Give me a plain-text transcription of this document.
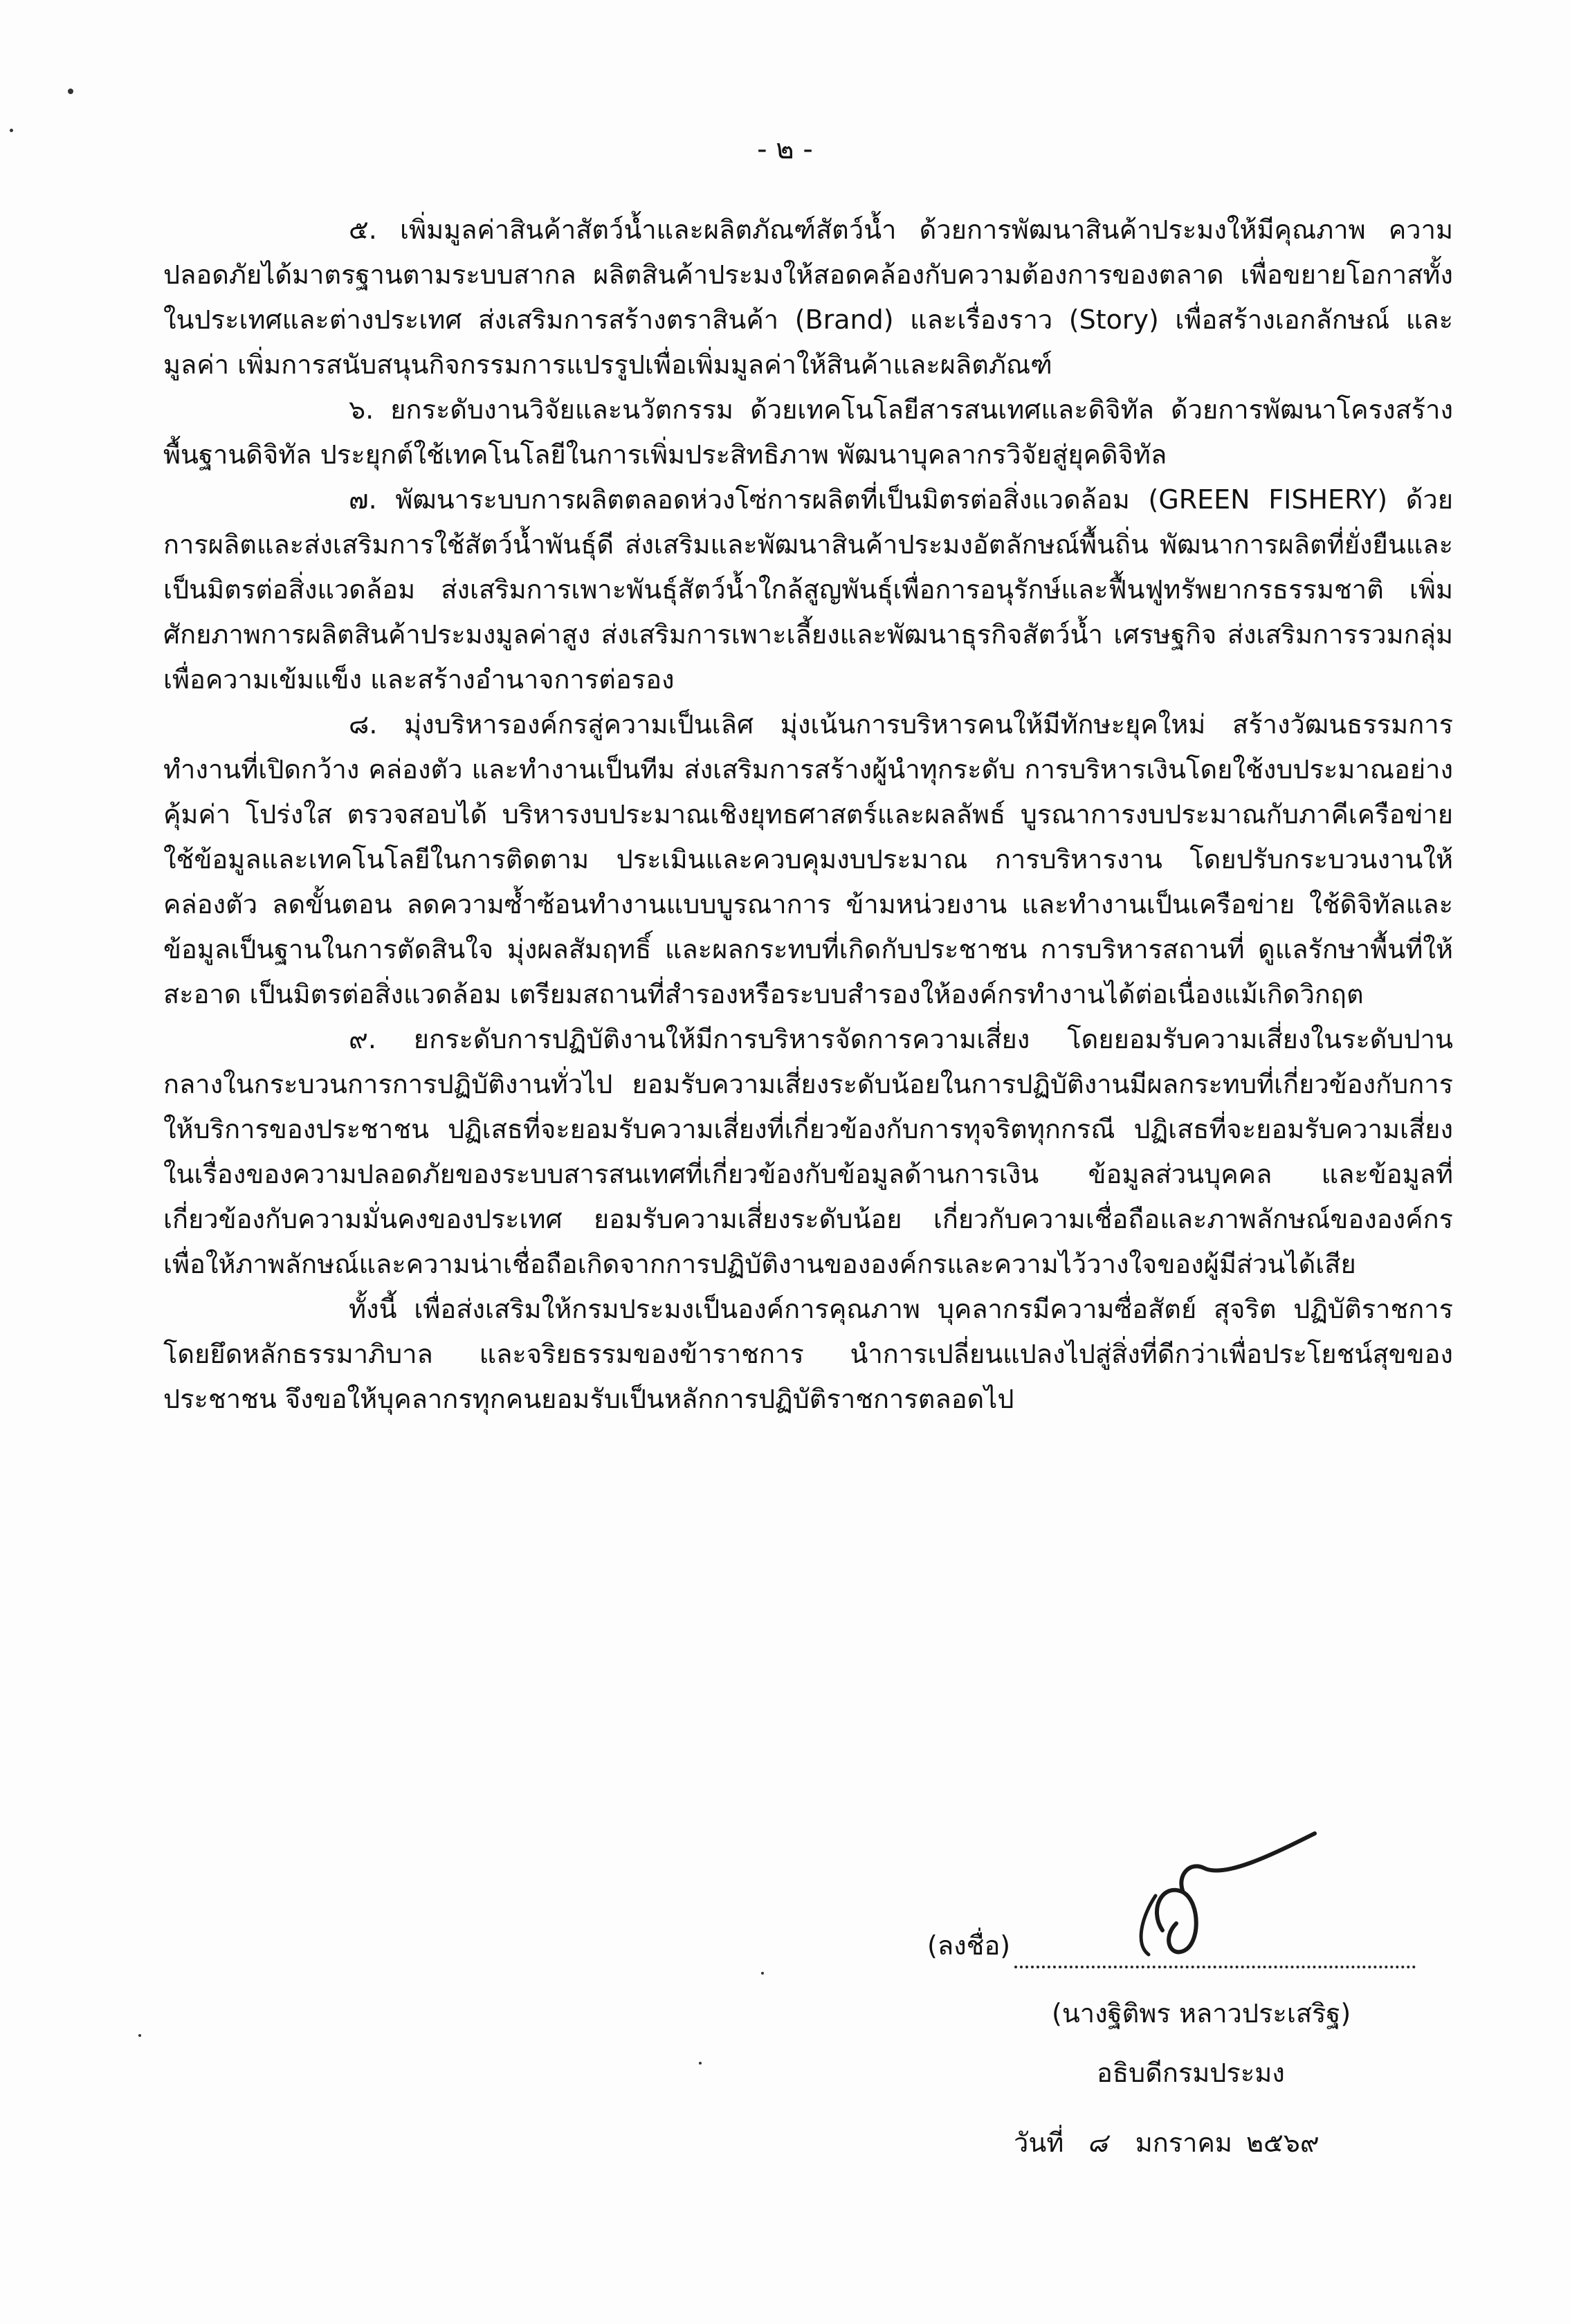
- ๒ -

๕. เพิ่มมูลค่าสินค้าสัตว์น้ำและผลิตภัณฑ์สัตว์น้ำ ด้วยการพัฒนาสินค้าประมงให้มีคุณภาพ ความปลอดภัยได้มาตรฐานตามระบบสากล ผลิตสินค้าประมงให้สอดคล้องกับความต้องการของตลาด เพื่อขยายโอกาสทั้งในประเทศและต่างประเทศ ส่งเสริมการสร้างตราสินค้า (Brand) และเรื่องราว (Story) เพื่อสร้างเอกลักษณ์ และมูลค่า เพิ่มการสนับสนุนกิจกรรมการแปรรูปเพื่อเพิ่มมูลค่าให้สินค้าและผลิตภัณฑ์

๖. ยกระดับงานวิจัยและนวัตกรรม ด้วยเทคโนโลยีสารสนเทศและดิจิทัล ด้วยการพัฒนาโครงสร้างพื้นฐานดิจิทัล ประยุกต์ใช้เทคโนโลยีในการเพิ่มประสิทธิภาพ พัฒนาบุคลากรวิจัยสู่ยุคดิจิทัล

๗. พัฒนาระบบการผลิตตลอดห่วงโซ่การผลิตที่เป็นมิตรต่อสิ่งแวดล้อม (GREEN FISHERY) ด้วยการผลิตและส่งเสริมการใช้สัตว์น้ำพันธุ์ดี ส่งเสริมและพัฒนาสินค้าประมงอัตลักษณ์พื้นถิ่น พัฒนาการผลิตที่ยั่งยืนและเป็นมิตรต่อสิ่งแวดล้อม ส่งเสริมการเพาะพันธุ์สัตว์น้ำใกล้สูญพันธุ์เพื่อการอนุรักษ์และฟื้นฟูทรัพยากรธรรมชาติ เพิ่มศักยภาพการผลิตสินค้าประมงมูลค่าสูง ส่งเสริมการเพาะเลี้ยงและพัฒนาธุรกิจสัตว์น้ำ เศรษฐกิจ ส่งเสริมการรวมกลุ่มเพื่อความเข้มแข็ง และสร้างอำนาจการต่อรอง

๘. มุ่งบริหารองค์กรสู่ความเป็นเลิศ มุ่งเน้นการบริหารคนให้มีทักษะยุคใหม่ สร้างวัฒนธรรมการทำงานที่เปิดกว้าง คล่องตัว และทำงานเป็นทีม ส่งเสริมการสร้างผู้นำทุกระดับ การบริหารเงินโดยใช้งบประมาณอย่างคุ้มค่า โปร่งใส ตรวจสอบได้ บริหารงบประมาณเชิงยุทธศาสตร์และผลลัพธ์ บูรณาการงบประมาณกับภาคีเครือข่าย ใช้ข้อมูลและเทคโนโลยีในการติดตาม ประเมินและควบคุมงบประมาณ การบริหารงาน โดยปรับกระบวนงานให้คล่องตัว ลดขั้นตอน ลดความซ้ำซ้อนทำงานแบบบูรณาการ ข้ามหน่วยงาน และทำงานเป็นเครือข่าย ใช้ดิจิทัลและข้อมูลเป็นฐานในการตัดสินใจ มุ่งผลสัมฤทธิ์ และผลกระทบที่เกิดกับประชาชน การบริหารสถานที่ ดูแลรักษาพื้นที่ให้สะอาด เป็นมิตรต่อสิ่งแวดล้อม เตรียมสถานที่สำรองหรือระบบสำรองให้องค์กรทำงานได้ต่อเนื่องแม้เกิดวิกฤต

๙. ยกระดับการปฏิบัติงานให้มีการบริหารจัดการความเสี่ยง โดยยอมรับความเสี่ยงในระดับปานกลางในกระบวนการการปฏิบัติงานทั่วไป ยอมรับความเสี่ยงระดับน้อยในการปฏิบัติงานมีผลกระทบที่เกี่ยวข้องกับการให้บริการของประชาชน ปฏิเสธที่จะยอมรับความเสี่ยงที่เกี่ยวข้องกับการทุจริตทุกกรณี ปฏิเสธที่จะยอมรับความเสี่ยงในเรื่องของความปลอดภัยของระบบสารสนเทศที่เกี่ยวข้องกับข้อมูลด้านการเงิน ข้อมูลส่วนบุคคล และข้อมูลที่เกี่ยวข้องกับความมั่นคงของประเทศ ยอมรับความเสี่ยงระดับน้อย เกี่ยวกับความเชื่อถือและภาพลักษณ์ขององค์กร เพื่อให้ภาพลักษณ์และความน่าเชื่อถือเกิดจากการปฏิบัติงานขององค์กรและความไว้วางใจของผู้มีส่วนได้เสีย

ทั้งนี้ เพื่อส่งเสริมให้กรมประมงเป็นองค์การคุณภาพ บุคลากรมีความซื่อสัตย์ สุจริต ปฏิบัติราชการโดยยึดหลักธรรมาภิบาล และจริยธรรมของข้าราชการ นำการเปลี่ยนแปลงไปสู่สิ่งที่ดีกว่าเพื่อประโยชน์สุขของประชาชน จึงขอให้บุคลากรทุกคนยอมรับเป็นหลักการปฏิบัติราชการตลอดไป

(ลงชื่อ)
(นางฐิติพร หลาวประเสริฐ)
อธิบดีกรมประมง
วันที่ ๘ มกราคม ๒๕๖๙
